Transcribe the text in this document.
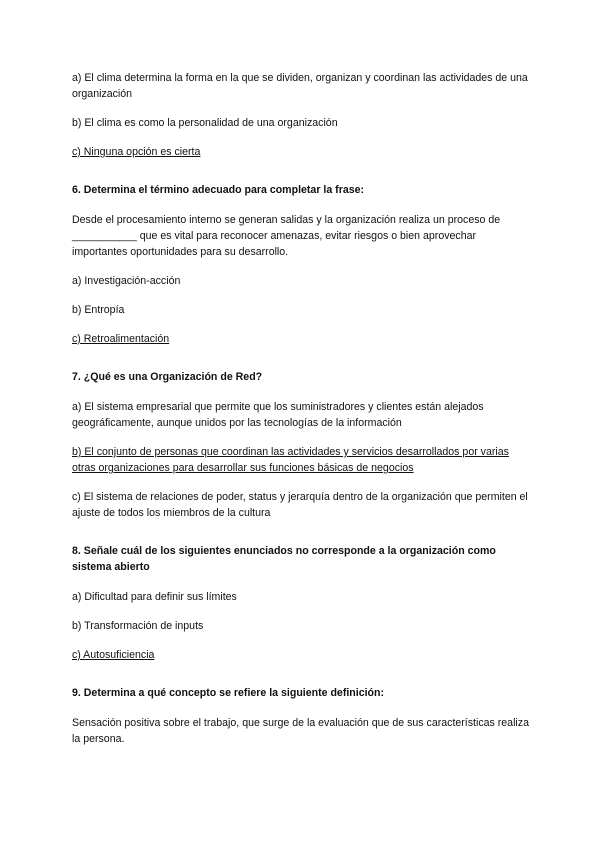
a) El clima determina la forma en la que se dividen, organizan y coordinan las actividades de una organización

b) El clima es como la personalidad de una organización

c) Ninguna opción es cierta

6. Determina el término adecuado para completar la frase:

Desde el procesamiento interno se generan salidas y la organización realiza un proceso de
___________ que es vital para reconocer amenazas, evitar riesgos o bien aprovechar importantes oportunidades para su desarrollo.

a) Investigación-acción

b) Entropía

c) Retroalimentación

7. ¿Qué es una Organización de Red?

a) El sistema empresarial que permite que los suministradores y clientes están alejados geográficamente, aunque unidos por las tecnologías de la información

b) El conjunto de personas que coordinan las actividades y servicios desarrollados por varias otras organizaciones para desarrollar sus funciones básicas de negocios

c) El sistema de relaciones de poder, status y jerarquía dentro de la organización que permiten el ajuste de todos los miembros de la cultura

8. Señale cuál de los siguientes enunciados no corresponde a la organización como sistema abierto

a) Dificultad para definir sus límites

b) Transformación de inputs

c) Autosuficiencia

9. Determina a qué concepto se refiere la siguiente definición:

Sensación positiva sobre el trabajo, que surge de la evaluación que de sus características realiza la persona.
